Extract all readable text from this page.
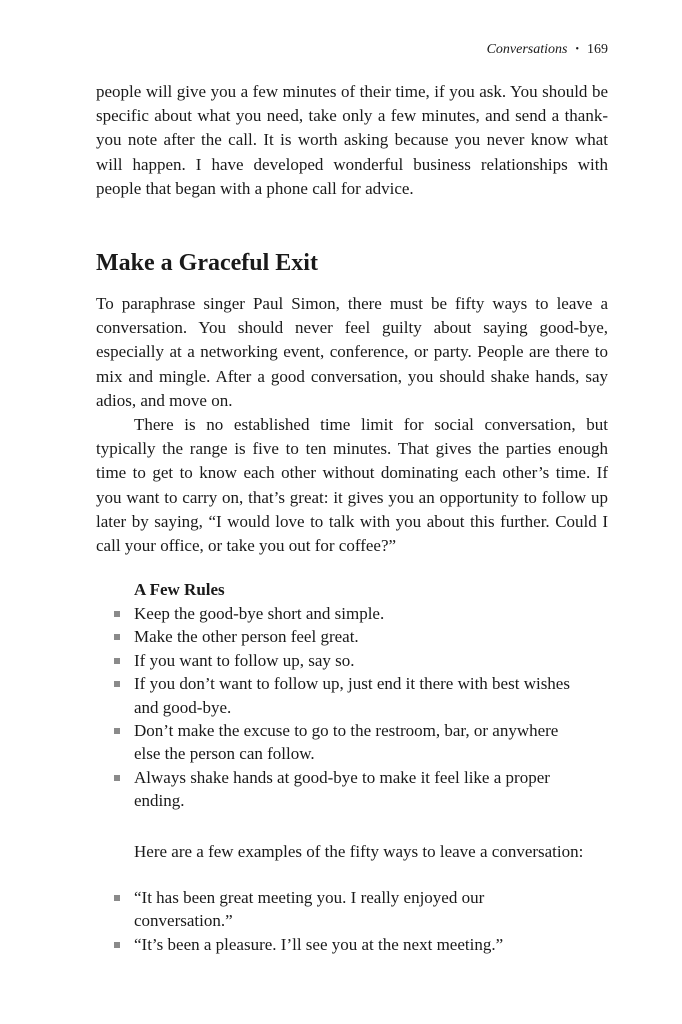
Conversations • 169

people will give you a few minutes of their time, if you ask. You should be specific about what you need, take only a few minutes, and send a thank-you note after the call. It is worth asking because you never know what will happen. I have developed wonderful business relationships with people that began with a phone call for advice.

Make a Graceful Exit

To paraphrase singer Paul Simon, there must be fifty ways to leave a conversation. You should never feel guilty about saying good-bye, especially at a networking event, conference, or party. People are there to mix and mingle. After a good conversation, you should shake hands, say adios, and move on.

There is no established time limit for social conversation, but typically the range is five to ten minutes. That gives the parties enough time to get to know each other without dominating each other’s time. If you want to carry on, that’s great: it gives you an opportunity to follow up later by saying, “I would love to talk with you about this further. Could I call your office, or take you out for coffee?”

A Few Rules
Keep the good-bye short and simple.
Make the other person feel great.
If you want to follow up, say so.
If you don’t want to follow up, just end it there with best wishes and good-bye.
Don’t make the excuse to go to the restroom, bar, or anywhere else the person can follow.
Always shake hands at good-bye to make it feel like a proper ending.

Here are a few examples of the fifty ways to leave a conversation:

“It has been great meeting you. I really enjoyed our conversation.”
“It’s been a pleasure. I’ll see you at the next meeting.”
